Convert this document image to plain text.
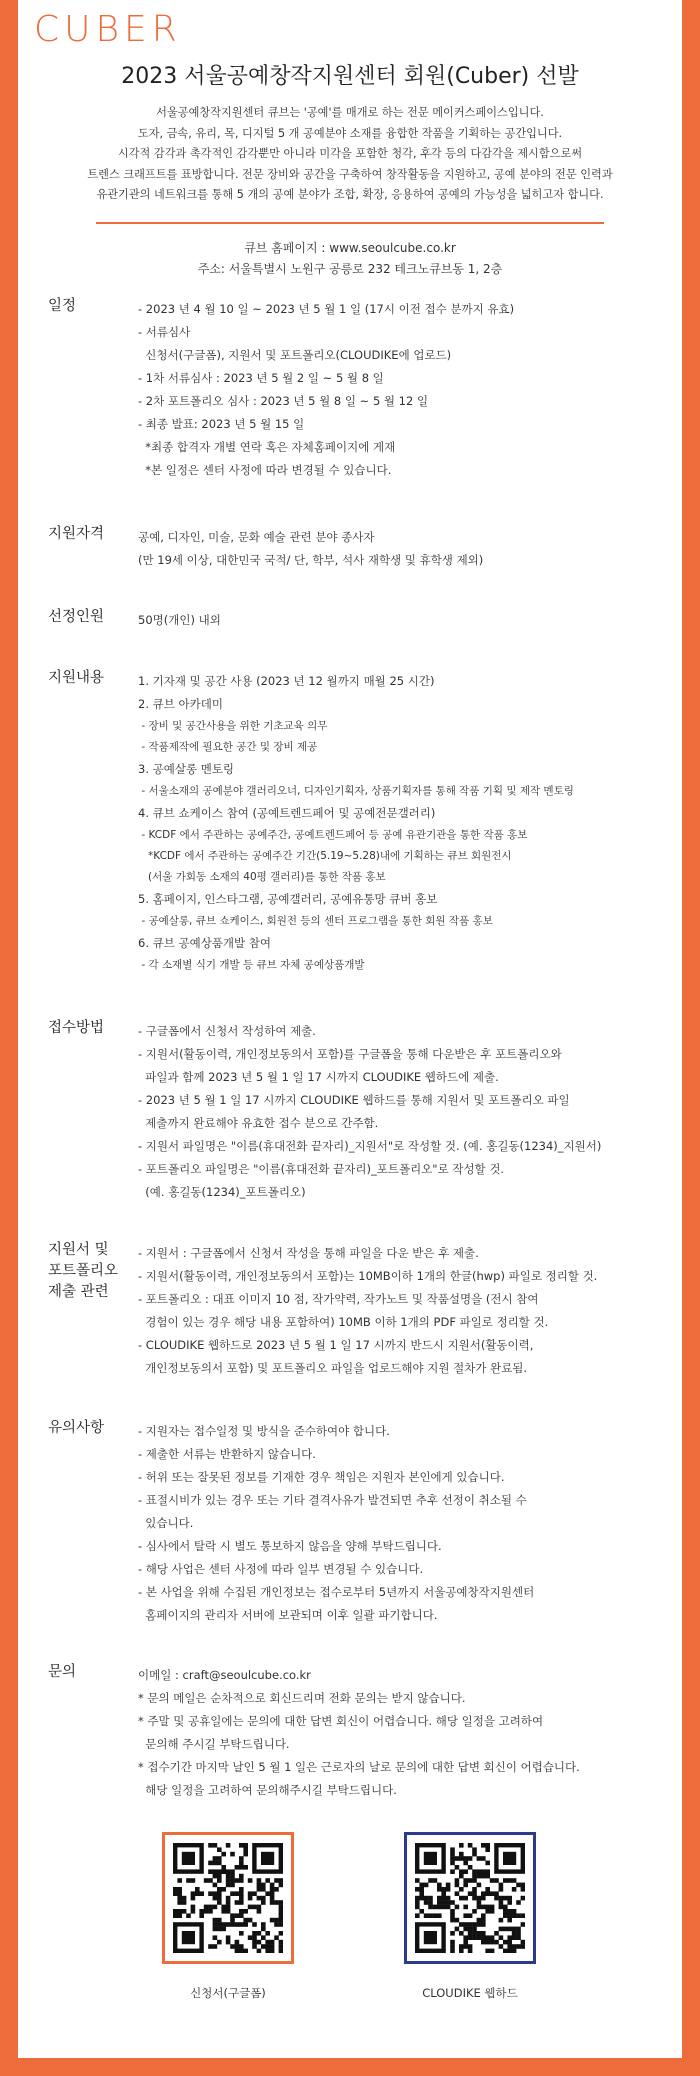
CUBER
2023 서울공예창작지원센터 회원(Cuber) 선발

서울공예창작지원센터 큐브는 '공예'를 매개로 하는 전문 메이커스페이스입니다.

도자, 금속, 유리, 목, 디지털 5 개 공예분야 소재를 융합한 작품을 기획하는 공간입니다.

시각적 감각과 촉각적인 감각뿐만 아니라 미각을 포함한 청각, 후각 등의 다감각을 제시함으로써

트렌스 크래프트를 표방합니다. 전문 장비와 공간을 구축하여 창작활동을 지원하고, 공예 분야의 전문 인력과

유관기관의 네트워크를 통해 5 개의 공예 분야가 조합, 확장, 응용하여 공예의 가능성을 넓히고자 합니다.

큐브 홈페이지 : www.seoulcube.co.kr

주소: 서울특별시 노원구 공릉로 232 테크노큐브동 1, 2층

일정	- 2023 년 4 월 10 일 ~ 2023 년 5 월 1 일 (17시 이전 접수 분까지 유효)
- 서류심사
신청서(구글폼), 지원서 및 포트폴리오(CLOUDIKE에 업로드)
- 1차 서류심사 : 2023 년 5 월 2 일 ~ 5 월 8 일
- 2차 포트폴리오 심사 : 2023 년 5 월 8 일 ~ 5 월 12 일
- 최종 발표: 2023 년 5 월 15 일
*최종 합격자 개별 연락 혹은 자체홈페이지에 게재
*본 일정은 센터 사정에 따라 변경될 수 있습니다.
지원자격	공예, 디자인, 미술, 문화 예술 관련 분야 종사자
(만 19세 이상, 대한민국 국적/ 단, 학부, 석사 재학생 및 휴학생 제외)
선정인원	50명(개인) 내외
지원내용	1. 기자재 및 공간 사용 (2023 년 12 월까지 매월 25 시간)
2. 큐브 아카데미
- 장비 및 공간사용을 위한 기초교육 의무
- 작품제작에 필요한 공간 및 장비 제공
3. 공예살롱 멘토링
- 서울소재의 공예분야 갤러리오너, 디자인기획자, 상품기획자를 통해 작품 기획 및 제작 멘토링
4. 큐브 쇼케이스 참여 (공예트렌드페어 및 공예전문갤러리)
- KCDF 에서 주관하는 공예주간, 공예트렌드페어 등 공예 유관기관을 통한 작품 홍보
*KCDF 에서 주관하는 공예주간 기간(5.19~5.28)내에 기획하는 큐브 회원전시
(서울 가회동 소재의 40평 갤러리)를 통한 작품 홍보
5. 홈페이지, 인스타그램, 공예갤러리, 공예유통망 큐버 홍보
- 공예살롱, 큐브 쇼케이스, 회원전 등의 센터 프로그램을 통한 회원 작품 홍보
6. 큐브 공예상품개발 참여
- 각 소재별 식기 개발 등 큐브 자체 공예상품개발
접수방법	- 구글폼에서 신청서 작성하여 제출.
- 지원서(활동이력, 개인정보동의서 포함)를 구글폼을 통해 다운받은 후 포트폴리오와
파일과 함께 2023 년 5 월 1 일 17 시까지 CLOUDIKE 웹하드에 제출.
- 2023 년 5 월 1 일 17 시까지 CLOUDIKE 웹하드를 통해 지원서 및 포트폴리오 파일
제출까지 완료해야 유효한 접수 분으로 간주함.
- 지원서 파일명은 "이름(휴대전화 끝자리)_지원서"로 작성할 것. (예. 홍길동(1234)_지원서)
- 포트폴리오 파일명은 "이름(휴대전화 끝자리)_포트폴리오"로 작성할 것.
(예. 홍길동(1234)_포트폴리오)
지원서 및
포트폴리오
제출 관련
- 지원서 : 구글폼에서 신청서 작성을 통해 파일을 다운 받은 후 제출.
- 지원서(활동이력, 개인정보동의서 포함)는 10MB이하 1개의 한글(hwp) 파일로 정리할 것.
- 포트폴리오 : 대표 이미지 10 점, 작가약력, 작가노트 및 작품설명을 (전시 참여
경험이 있는 경우 해당 내용 포함하여) 10MB 이하 1개의 PDF 파일로 정리할 것.
- CLOUDIKE 웹하드로 2023 년 5 월 1 일 17 시까지 반드시 지원서(활동이력,
개인정보동의서 포함) 및 포트폴리오 파일을 업로드해야 지원 절차가 완료됨.
유의사항	- 지원자는 접수일정 및 방식을 준수하여야 합니다.
- 제출한 서류는 반환하지 않습니다.
- 허위 또는 잘못된 정보를 기재한 경우 책임은 지원자 본인에게 있습니다.
- 표절시비가 있는 경우 또는 기타 결격사유가 발견되면 추후 선정이 취소될 수
있습니다.
- 심사에서 탈락 시 별도 통보하지 않음을 양해 부탁드립니다.
- 해당 사업은 센터 사정에 따라 일부 변경될 수 있습니다.
- 본 사업을 위해 수집된 개인정보는 접수로부터 5년까지 서울공예창작지원센터
홈페이지의 관리자 서버에 보관되며 이후 일괄 파기합니다.
문의	이메일 : craft@seoulcube.co.kr
* 문의 메일은 순차적으로 회신드리며 전화 문의는 받지 않습니다.
* 주말 및 공휴일에는 문의에 대한 답변 회신이 어렵습니다. 해당 일정을 고려하여
문의해 주시길 부탁드립니다.
* 접수기간 마지막 날인 5 월 1 일은 근로자의 날로 문의에 대한 답변 회신이 어렵습니다.
해당 일정을 고려하여 문의해주시길 부탁드립니다.
신청서(구글폼)	CLOUDIKE 웹하드
